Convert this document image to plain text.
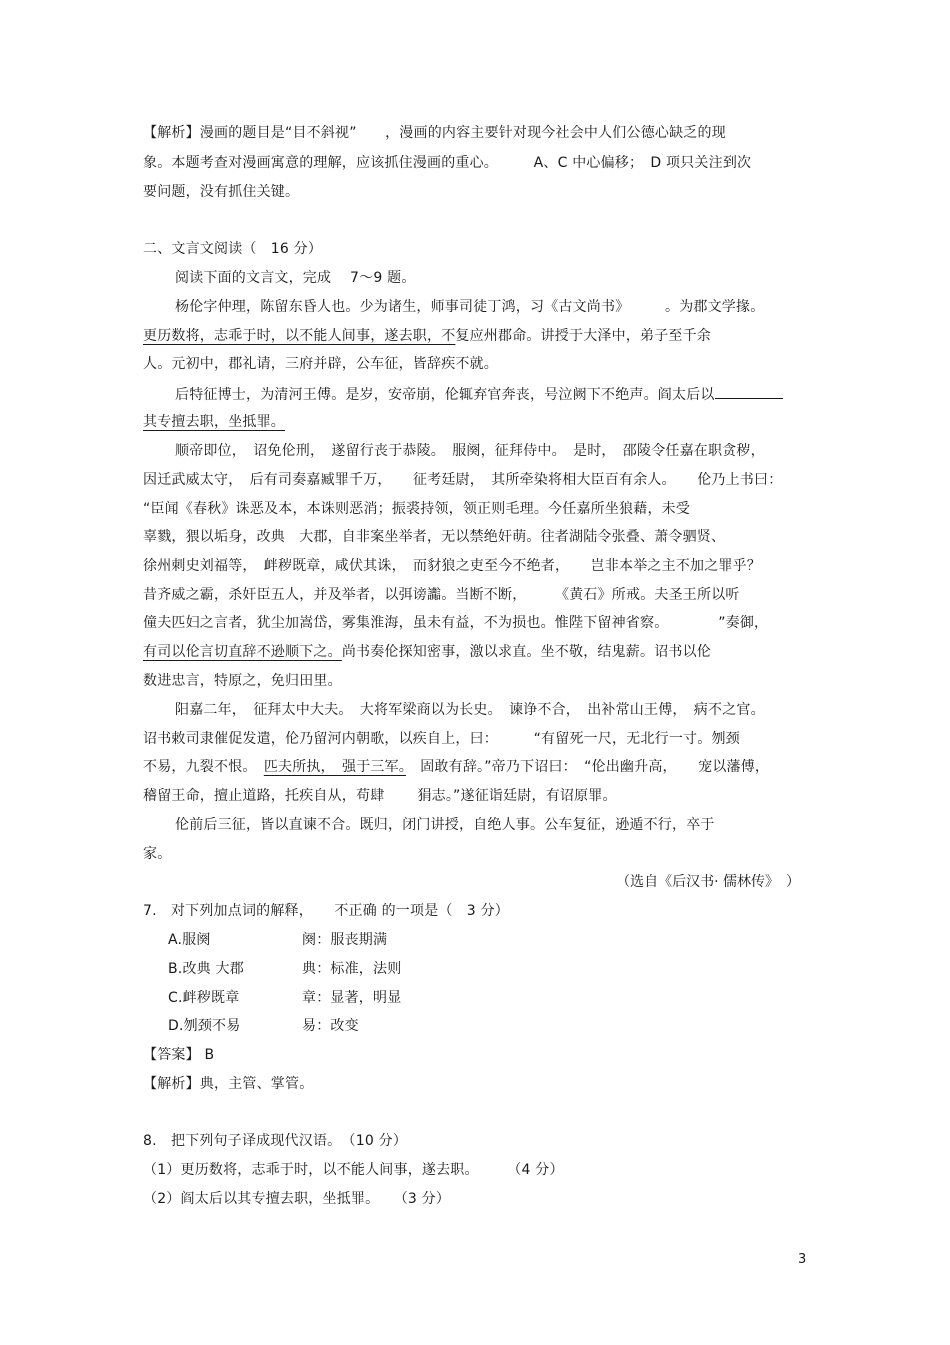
【解析】漫画的题目是“目不斜视”　　，漫画的内容主要针对现今社会中人们公德心缺乏的现
象。本题考查对漫画寓意的理解，应该抓住漫画的重心。　　　A、C 中心偏移；　D 项只关注到次
要问题，没有抓住关键。
二、文言文阅读（　16 分）
阅读下面的文言文，完成　 7～9 题。
杨伦字仲理，陈留东昏人也。少为诸生，师事司徒丁鸿，习《古文尚书》　　　。为郡文学掾。
更历数将，志乖于时，以不能人间事，遂去职，不复应州郡命。讲授于大泽中，弟子至千余
人。元初中，郡礼请，三府并辟，公车征，皆辞疾不就。
后特征博士，为清河王傅。是岁，安帝崩，伦辄弃官奔丧，号泣阙下不绝声。阎太后以
其专擅去职，坐抵罪。
顺帝即位，　诏免伦刑，　遂留行丧于恭陵。　服阕，征拜侍中。　是时，　邵陵令任嘉在职贪秽，
因迁武威太守，　后有司奏嘉臧罪千万，　　征考廷尉，　其所牵染将相大臣百有余人。　　伦乃上书曰：
“臣闻《春秋》诛恶及本，本诛则恶消；振裘持领，领正则毛理。今任嘉所坐狼藉，未受
辜戮，猥以垢身，改典　大郡，自非案坐举者，无以禁绝奸萌。往者湖陆令张叠、萧令驷贤、
徐州刺史刘福等，　衅秽既章，咸伏其诛，　而豺狼之吏至今不绝者，　　岂非本举之主不加之罪乎？
昔齐威之霸，杀奸臣五人，并及举者，以弭谤讟。当断不断，　　　《黄石》所戒。夫圣王所以听
僮夫匹妇之言者，犹尘加嵩岱，雾集淮海，虽未有益，不为损也。惟陛下留神省察。　　　　”奏御，
有司以伦言切直辞不逊顺下之。尚书奏伦探知密事，激以求直。坐不敬，结鬼薪。诏书以伦
数进忠言，特原之，免归田里。
阳嘉二年，　征拜太中大夫。　大将军梁商以为长史。　谏诤不合，　出补常山王傅，　病不之官。
诏书敕司隶催促发遣，伦乃留河内朝歌，以疾自上，曰：　　　“有留死一尺，无北行一寸。刎颈
不易，九裂不恨。　匹夫所执，　强于三军。　固敢有辞。”帝乃下诏曰：　“伦出幽升高，　　宠以藩傅，
稽留王命，擅止道路，托疾自从，苟肆　　 狷志。”遂征诣廷尉，有诏原罪。
伦前后三征，皆以直谏不合。既归，闭门讲授，自绝人事。公车复征，逊遁不行，卒于
家。
（选自《后汉书· 儒林传》　）
7.　对下列加点词的解释，　　不正确 的一项是（　3 分）
A.服阕	阕：服丧期满
B.改典 大郡	典：标准，法则
C.衅秽既章	章：显著，明显
D.刎颈不易	易：改变
【答案】 B
【解析】典，主管、掌管。
8.　把下列句子译成现代汉语。　（10 分）
（1）更历数将，志乖于时，以不能人间事，遂去职。　　　（4 分）
（2）阎太后以其专擅去职，坐抵罪。　　（3 分）
3
